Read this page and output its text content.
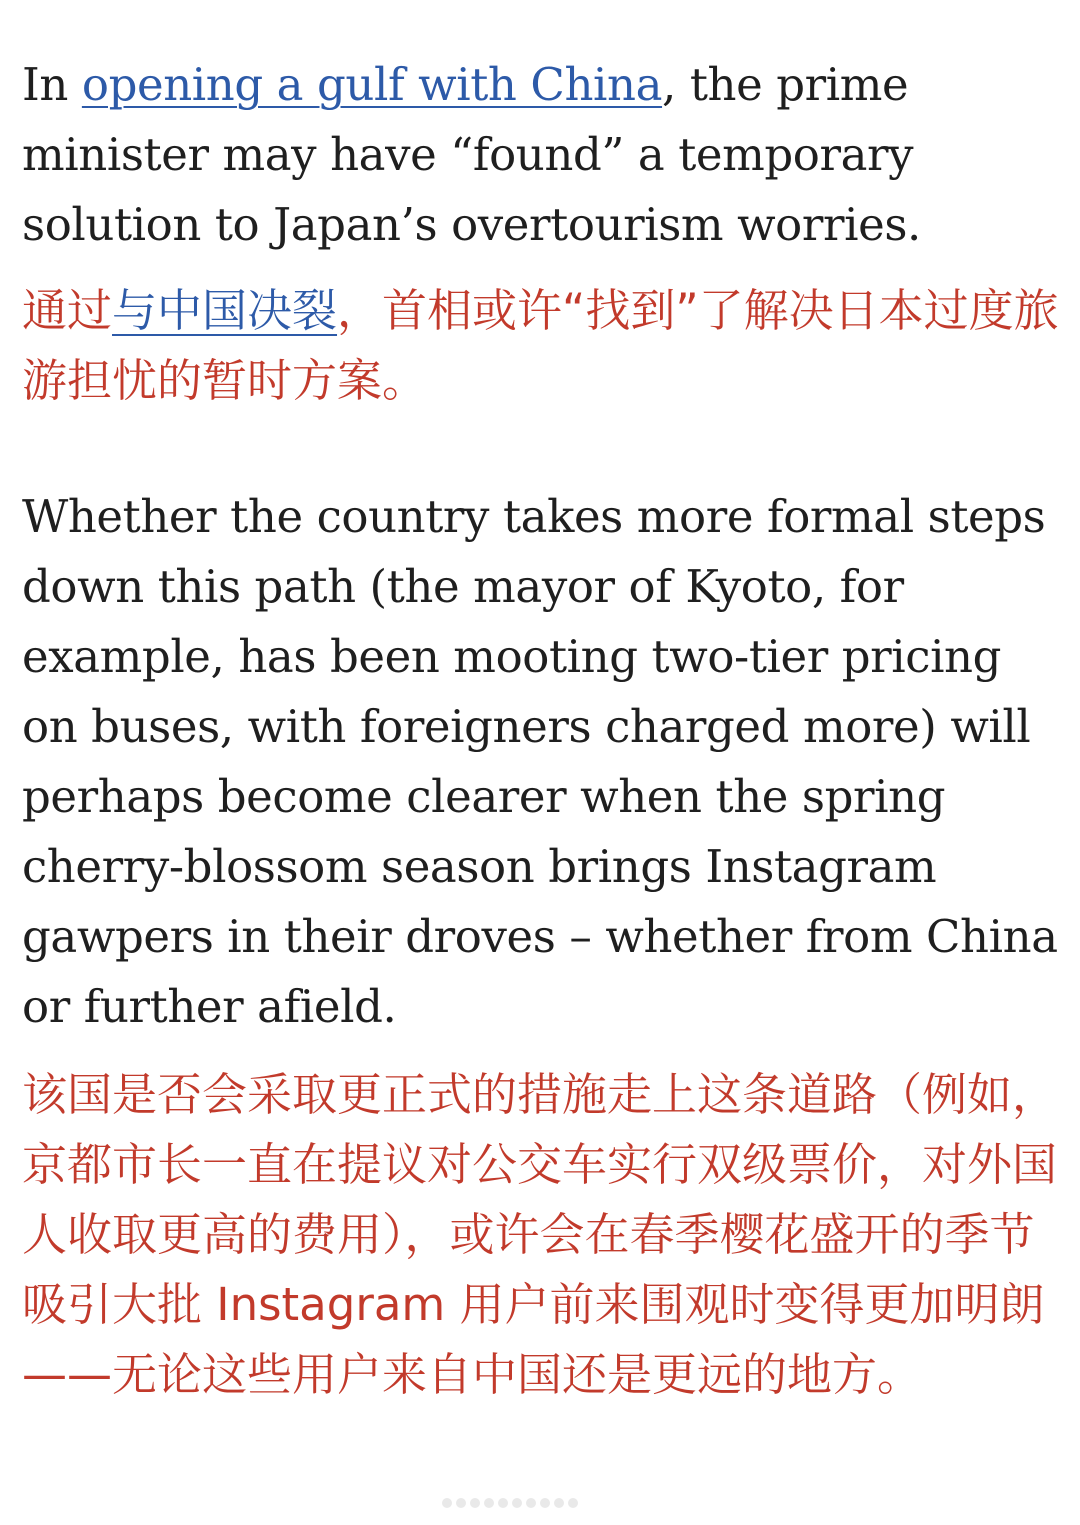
In opening a gulf with China, the prime minister may have “found” a temporary solution to Japan’s overtourism worries.

通过与中国决裂，首相或许“找到”了解决日本过度旅游担忧的暂时方案。

Whether the country takes more formal steps down this path (the mayor of Kyoto, for example, has been mooting two-tier pricing on buses, with foreigners charged more) will perhaps become clearer when the spring cherry-blossom season brings Instagram gawpers in their droves – whether from China or further afield.

该国是否会采取更正式的措施走上这条道路（例如，京都市长一直在提议对公交车实行双级票价，对外国人收取更高的费用），或许会在春季樱花盛开的季节吸引大批 Instagram 用户前来围观时变得更加明朗——无论这些用户来自中国还是更远的地方。
